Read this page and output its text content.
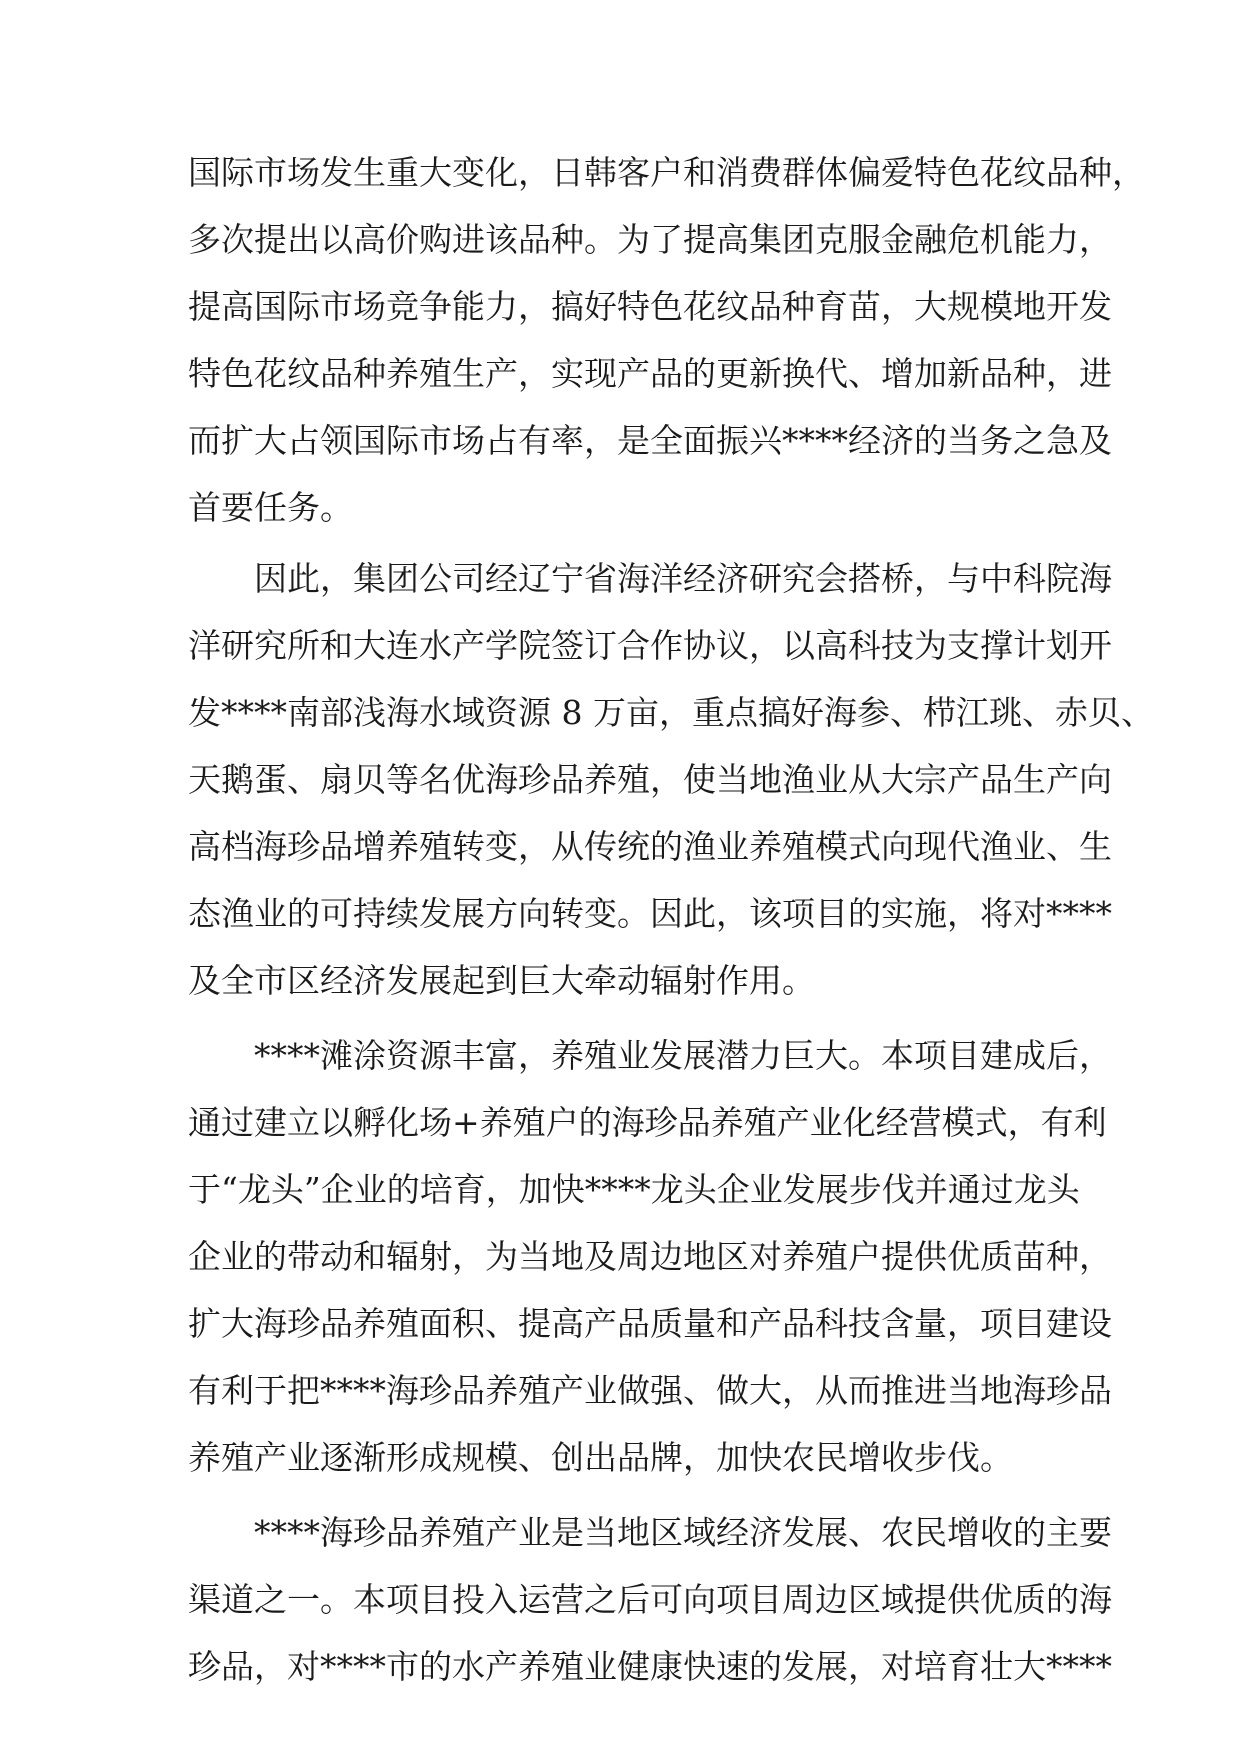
国际市场发生重大变化，日韩客户和消费群体偏爱特色花纹品种，
多次提出以高价购进该品种。为了提高集团克服金融危机能力，
提高国际市场竞争能力，搞好特色花纹品种育苗，大规模地开发
特色花纹品种养殖生产，实现产品的更新换代、增加新品种，进
而扩大占领国际市场占有率，是全面振兴****经济的当务之急及
首要任务。
因此，集团公司经辽宁省海洋经济研究会搭桥，与中科院海
洋研究所和大连水产学院签订合作协议，以高科技为支撑计划开
发****南部浅海水域资源 8 万亩，重点搞好海参、栉江珧、赤贝、
天鹅蛋、扇贝等名优海珍品养殖，使当地渔业从大宗产品生产向
高档海珍品增养殖转变，从传统的渔业养殖模式向现代渔业、生
态渔业的可持续发展方向转变。因此，该项目的实施，将对****
及全市区经济发展起到巨大牵动辐射作用。
****滩涂资源丰富，养殖业发展潜力巨大。本项目建成后，
通过建立以孵化场+养殖户的海珍品养殖产业化经营模式，有利
于“龙头”企业的培育，加快****龙头企业发展步伐并通过龙头
企业的带动和辐射，为当地及周边地区对养殖户提供优质苗种，
扩大海珍品养殖面积、提高产品质量和产品科技含量，项目建设
有利于把****海珍品养殖产业做强、做大，从而推进当地海珍品
养殖产业逐渐形成规模、创出品牌，加快农民增收步伐。
****海珍品养殖产业是当地区域经济发展、农民增收的主要
渠道之一。本项目投入运营之后可向项目周边区域提供优质的海
珍品，对****市的水产养殖业健康快速的发展，对培育壮大****
